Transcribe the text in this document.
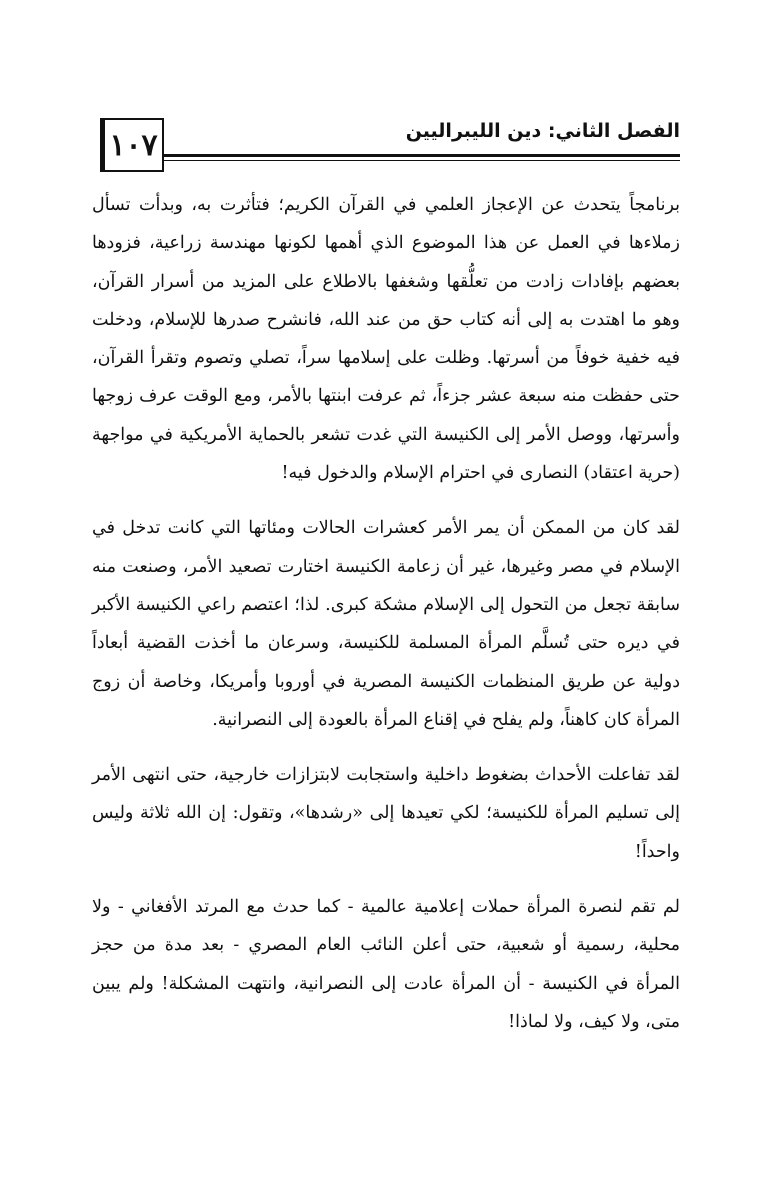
١٠٧	الفصل الثاني: دين الليبراليين

برنامجاً يتحدث عن الإعجاز العلمي في القرآن الكريم؛ فتأثرت به، وبدأت تسأل زملاءها في العمل عن هذا الموضوع الذي أهمها لكونها مهندسة زراعية، فزودها بعضهم بإفادات زادت من تعلُّقها وشغفها بالاطلاع على المزيد من أسرار القرآن، وهو ما اهتدت به إلى أنه كتاب حق من عند الله، فانشرح صدرها للإسلام، ودخلت فيه خفية خوفاً من أسرتها. وظلت على إسلامها سراً، تصلي وتصوم وتقرأ القرآن، حتى حفظت منه سبعة عشر جزءاً، ثم عرفت ابنتها بالأمر، ومع الوقت عرف زوجها وأسرتها، ووصل الأمر إلى الكنيسة التي غدت تشعر بالحماية الأمريكية في مواجهة (حرية اعتقاد) النصارى في احترام الإسلام والدخول فيه!

لقد كان من الممكن أن يمر الأمر كعشرات الحالات ومئاتها التي كانت تدخل في الإسلام في مصر وغيرها، غير أن زعامة الكنيسة اختارت تصعيد الأمر، وصنعت منه سابقة تجعل من التحول إلى الإسلام مشكة كبرى. لذا؛ اعتصم راعي الكنيسة الأكبر في ديره حتى تُسلَّم المرأة المسلمة للكنيسة، وسرعان ما أخذت القضية أبعاداً دولية عن طريق المنظمات الكنيسة المصرية في أوروبا وأمريكا، وخاصة أن زوج المرأة كان كاهناً، ولم يفلح في إقناع المرأة بالعودة إلى النصرانية.

لقد تفاعلت الأحداث بضغوط داخلية واستجابت لابتزازات خارجية، حتى انتهى الأمر إلى تسليم المرأة للكنيسة؛ لكي تعيدها إلى «رشدها»، وتقول: إن الله ثلاثة وليس واحداً!

لم تقم لنصرة المرأة حملات إعلامية عالمية - كما حدث مع المرتد الأفغاني - ولا محلية، رسمية أو شعبية، حتى أعلن النائب العام المصري - بعد مدة من حجز المرأة في الكنيسة - أن المرأة عادت إلى النصرانية، وانتهت المشكلة! ولم يبين متى، ولا كيف، ولا لماذا!
